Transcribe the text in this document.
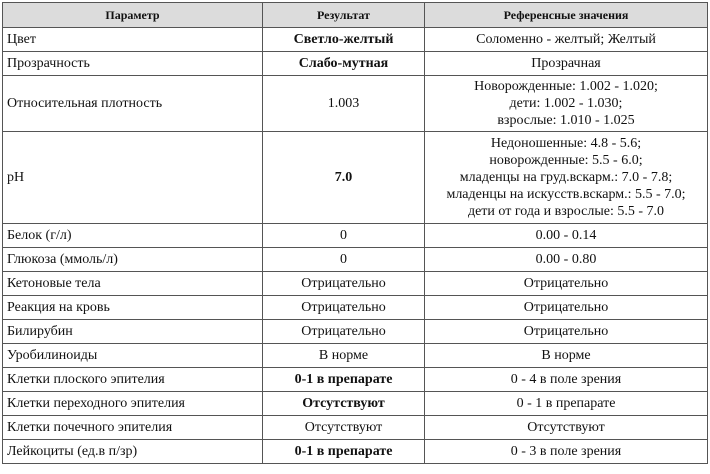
Параметр	Результат	Референсные значения
Цвет	Светло-желтый	Соломенно - желтый; Желтый

Прозрачность	Слабо-мутная	Прозрачная

Относительная плотность	1.003	Новорожденные: 1.002 - 1.020;
дети: 1.002 - 1.030;
взрослые: 1.010 - 1.025

pH	7.0	Недоношенные: 4.8 - 5.6;
новорожденные: 5.5 - 6.0;
младенцы на груд.вскарм.: 7.0 - 7.8;
младенцы на искусств.вскарм.: 5.5 - 7.0;
дети от года и взрослые: 5.5 - 7.0

Белок (г/л)	0	0.00 - 0.14

Глюкоза (ммоль/л)	0	0.00 - 0.80

Кетоновые тела	Отрицательно	Отрицательно

Реакция на кровь	Отрицательно	Отрицательно

Билирубин	Отрицательно	Отрицательно

Уробилиноиды	В норме	В норме

Клетки плоского эпителия	0-1 в препарате	0 - 4 в поле зрения

Клетки переходного эпителия	Отсутствуют	0 - 1 в препарате

Клетки почечного эпителия	Отсутствуют	Отсутствуют

Лейкоциты (ед.в п/зр)	0-1 в препарате	0 - 3 в поле зрения
